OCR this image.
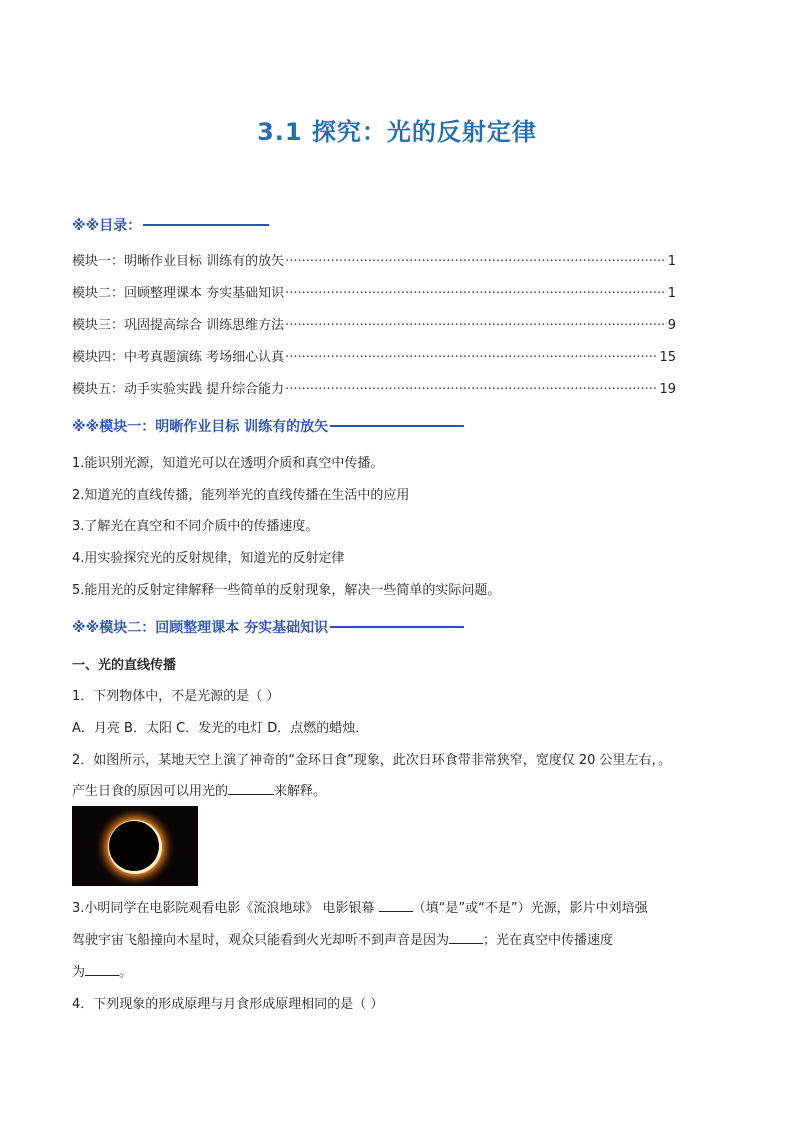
3.1 探究：光的反射定律
※※目录：
模块一：明晰作业目标 训练有的放矢 ·····	1
模块二：回顾整理课本 夯实基础知识 ·····	1
模块三：巩固提高综合 训练思维方法 ·····	9
模块四：中考真题演练 考场细心认真 ·····	15
模块五：动手实验实践 提升综合能力 ·····	19
※※模块一：明晰作业目标 训练有的放矢
1.能识别光源，知道光可以在透明介质和真空中传播。
2.知道光的直线传播，能列举光的直线传播在生活中的应用
3.了解光在真空和不同介质中的传播速度。
4.用实验探究光的反射规律，知道光的反射定律
5.能用光的反射定律解释一些简单的反射现象，解决一些简单的实际问题。
※※模块二：回顾整理课本 夯实基础知识
一、光的直线传播
1．下列物体中，不是光源的是（ ）
A．月亮 B．太阳 C．发光的电灯 D．点燃的蜡烛．
2．如图所示，某地天空上演了神奇的“金环日食”现象，此次日环食带非常狭窄，宽度仅 20 公里左右，。
产生日食的原因可以用光的	来解释。
3.小明同学在电影院观看电影《流浪地球》 电影银幕	（填“是”或“不是”）光源，影片中刘培强
驾驶宇宙飞船撞向木星时，观众只能看到火光却听不到声音是因为	；光在真空中传播速度
为	。
4．下列现象的形成原理与月食形成原理相同的是（ ）
